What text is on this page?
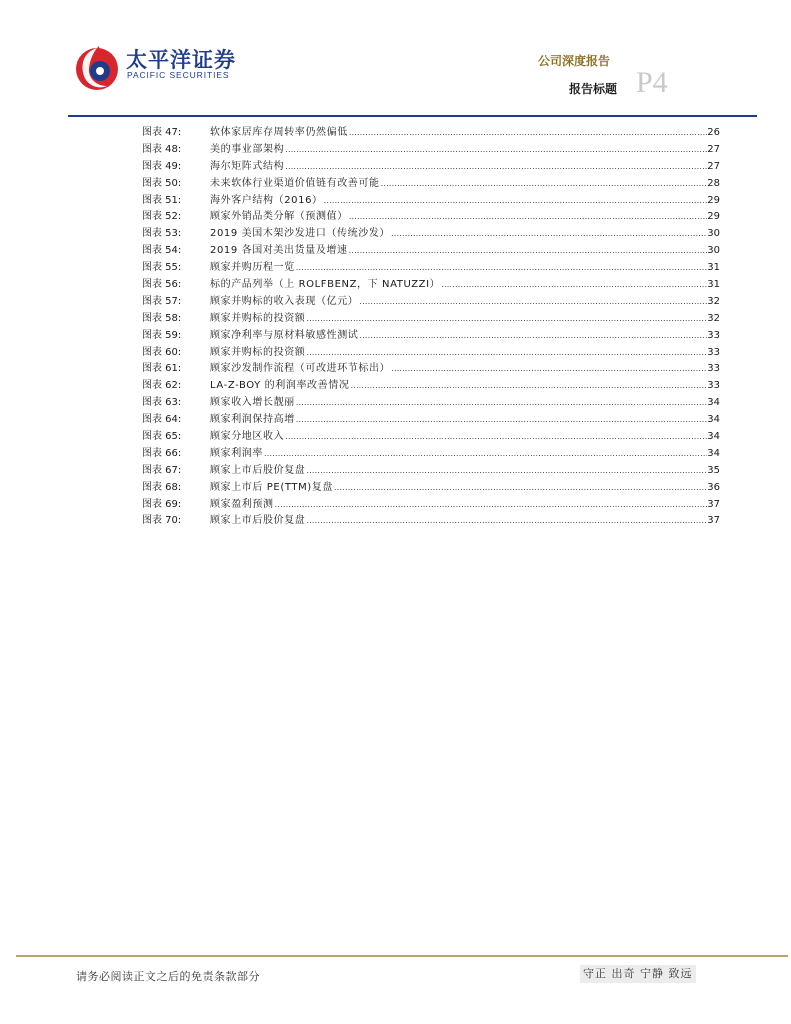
太平洋证券
PACIFIC SECURITIES
公司深度报告
报告标题 P4
图表 47:	软体家居库存周转率仍然偏低 .....	26
图表 48:	美的事业部架构 .....	27
图表 49:	海尔矩阵式结构 .....	27
图表 50:	未来软体行业渠道价值链有改善可能 .....	28
图表 51:	海外客户结构（2016） .....	29
图表 52:	顾家外销品类分解（预测值） .....	29
图表 53:	2019 美国木架沙发进口（传统沙发） .....	30
图表 54:	2019 各国对美出货量及增速 .....	30
图表 55:	顾家并购历程一览 .....	31
图表 56:	标的产品列举（上 ROLFBENZ，下 NATUZZI） .....	31
图表 57:	顾家并购标的收入表现（亿元） .....	32
图表 58:	顾家并购标的投资额 .....	32
图表 59:	顾家净利率与原材料敏感性测试 .....	33
图表 60:	顾家并购标的投资额 .....	33
图表 61:	顾家沙发制作流程（可改进环节标出） .....	33
图表 62:	LA-Z-BOY 的利润率改善情况 .....	33
图表 63:	顾家收入增长靓丽 .....	34
图表 64:	顾家利润保持高增 .....	34
图表 65:	顾家分地区收入 .....	34
图表 66:	顾家利润率 .....	34
图表 67:	顾家上市后股价复盘 .....	35
图表 68:	顾家上市后 PE(TTM)复盘 .....	36
图表 69:	顾家盈利预测 .....	37
图表 70:	顾家上市后股价复盘 .....	37
请务必阅读正文之后的免责条款部分	守正 出奇 宁静 致远
